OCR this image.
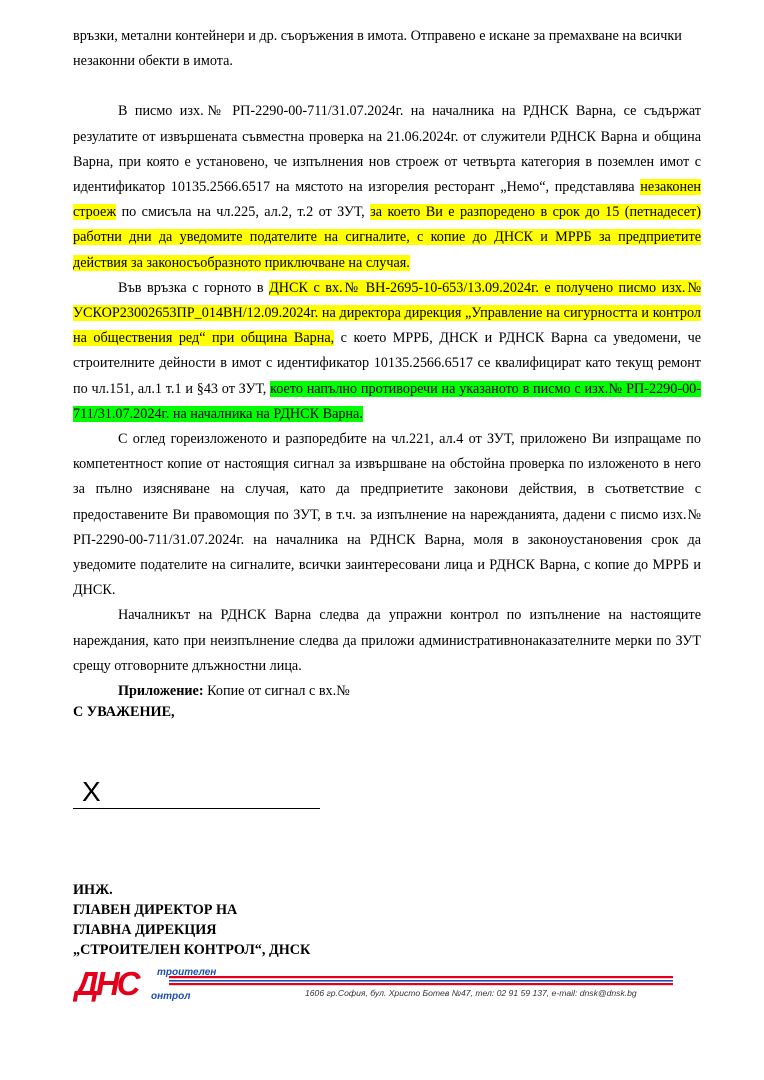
връзки, метални контейнери и др. съоръжения в имота. Отправено е искане за премахване на всички
незаконни обекти в имота.

В писмо изх.№ РП-2290-00-711/31.07.2024г. на началника на РДНСК Варна, се съдържат резулатите от извършената съвместна проверка на 21.06.2024г. от служители РДНСК Варна и община Варна, при която е установено, че изпълнения нов строеж от четвърта категория в поземлен имот с идентификатор 10135.2566.6517 на мястото на изгорелия ресторант „Немо“, представлява незаконен строеж по смисъла на чл.225, ал.2, т.2 от ЗУТ, за което Ви е разпоредено в срок до 15 (петнадесет) работни дни да уведомите подателите на сигналите, с копие до ДНСК и МРРБ за предприетите действия за законосъобразното приключване на случая.

Във връзка с горното в ДНСК с вх.№ ВН-2695-10-653/13.09.2024г. е получено писмо изх.№ УСКОР23002653ПР_014ВН/12.09.2024г. на директора дирекция „Управление на сигурността и контрол на обществения ред“ при община Варна, с което МРРБ, ДНСК и РДНСК Варна са уведомени, че строителните дейности в имот с идентификатор 10135.2566.6517 се квалифицират като текущ ремонт по чл.151, ал.1 т.1 и §43 от ЗУТ, което напълно противоречи на указаното в писмо с изх.№ РП-2290-00-711/31.07.2024г. на началника на РДНСК Варна.

С оглед гореизложеното и разпоредбите на чл.221, ал.4 от ЗУТ, приложено Ви изпращаме по компетентност копие от настоящия сигнал за извършване на обстойна проверка по изложеното в него за пълно изясняване на случая, като да предприетите законови действия, в съответствие с предоставените Ви правомощия по ЗУТ, в т.ч. за изпълнение на нарежданията, дадени с писмо изх.№ РП-2290-00-711/31.07.2024г. на началника на РДНСК Варна, моля в законоустановения срок да уведомите подателите на сигналите, всички заинтересовани лица и РДНСК Варна, с копие до МРРБ и ДНСК.

Началникът на РДНСК Варна следва да упражни контрол по изпълнение на настоящите нареждания, като при неизпълнение следва да приложи административнонаказателните мерки по ЗУТ срещу отговорните длъжностни лица.

Приложение: Копие от сигнал с вх.№

С УВАЖЕНИЕ,
X
ИНЖ.
ГЛАВЕН ДИРЕКТОР НА
ГЛАВНА ДИРЕКЦИЯ
„СТРОИТЕЛЕН КОНТРОЛ“, ДНСК
ДНС	троителен
онтрол	1606 гр.София, бул. Христо Ботев №47, тел: 02 91 59 137, e-mail: dnsk@dnsk.bg
